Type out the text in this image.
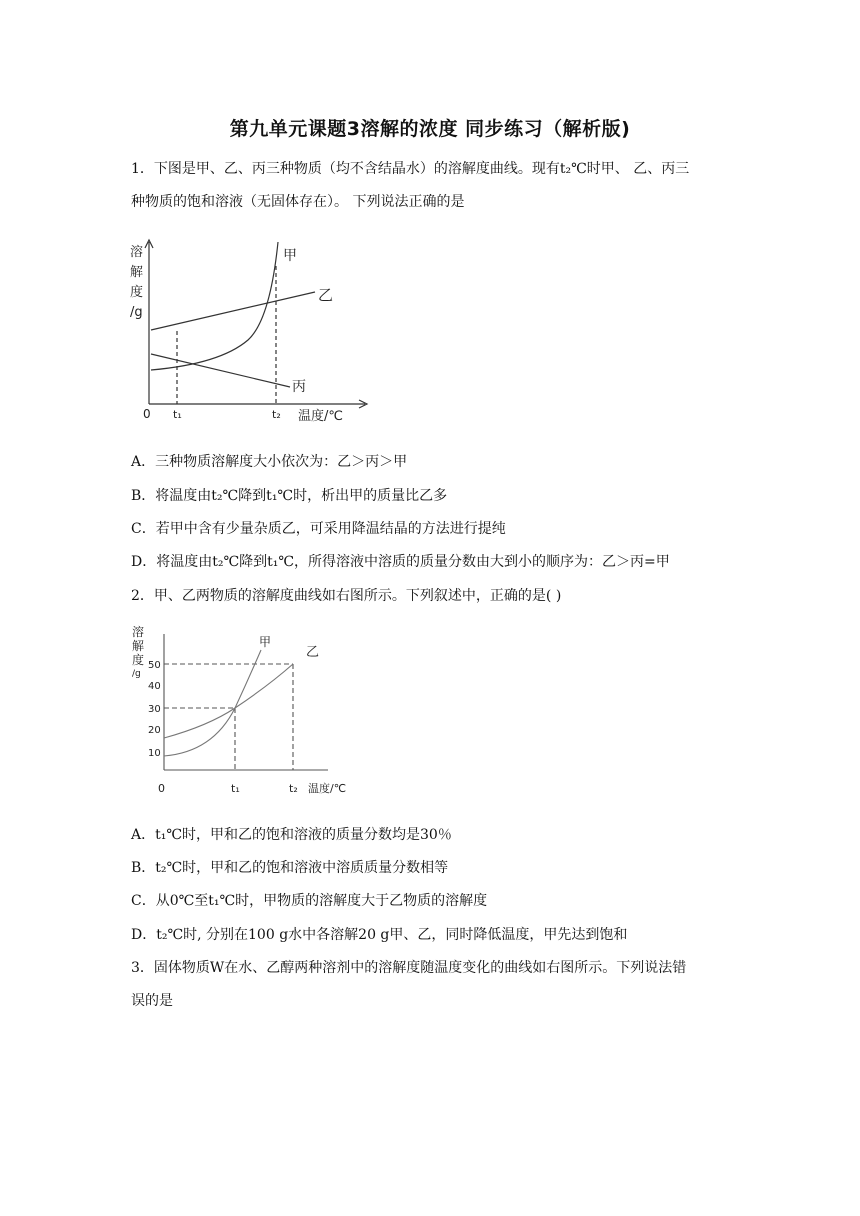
第九单元课题3溶解的浓度 同步练习（解析版)
1．下图是甲、乙、丙三种物质（均不含结晶水）的溶解度曲线。现有t₂℃时甲、 乙、丙三
种物质的饱和溶液（无固体存在）。 下列说法正确的是
溶
解
度
/g
甲
乙
丙
0 t₁	t₂ 温度/℃
A．三种物质溶解度大小依次为：乙＞丙＞甲
B．将温度由t₂℃降到t₁℃时，析出甲的质量比乙多
C．若甲中含有少量杂质乙，可采用降温结晶的方法进行提纯
D．将温度由t₂℃降到t₁℃，所得溶液中溶质的质量分数由大到小的顺序为：乙＞丙=甲
2．甲、乙两物质的溶解度曲线如右图所示。下列叙述中，正确的是( )
溶
解
度
/g
50
40
30
20
10
0	t₁	t₂ 温度/℃
甲
乙
A．t₁℃时，甲和乙的饱和溶液的质量分数均是30％
B．t₂℃时，甲和乙的饱和溶液中溶质质量分数相等
C．从0℃至t₁℃时，甲物质的溶解度大于乙物质的溶解度
D．t₂℃时, 分别在100 g水中各溶解20 g甲、乙，同时降低温度，甲先达到饱和
3．固体物质W在水、乙醇两种溶剂中的溶解度随温度变化的曲线如右图所示。下列说法错
误的是
